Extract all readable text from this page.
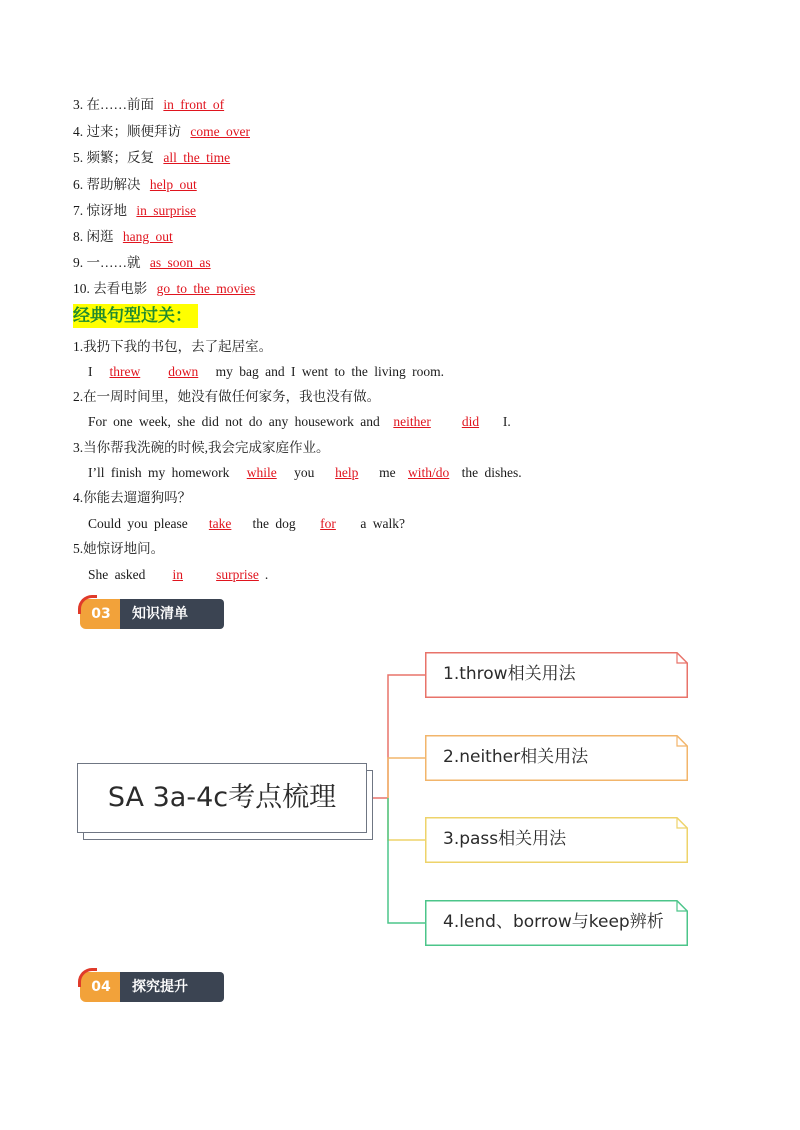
3. 在……前面 in front of
4. 过来；顺便拜访 come over
5. 频繁；反复 all the time
6. 帮助解决 help out
7. 惊讶地 in surprise
8. 闲逛 hang out
9. 一……就 as soon as
10. 去看电影 go to the movies
经典句型过关：
1.我扔下我的书包，去了起居室。
I threw down my bag and I went to the living room.
2.在一周时间里，她没有做任何家务，我也没有做。
For one week, she did not do any housework and neither did I.
3.当你帮我洗碗的时候,我会完成家庭作业。
I’ll finish my homework while you help me with/do the dishes.
4.你能去遛遛狗吗？
Could you please take the dog for a walk?
5.她惊讶地问。
She asked in surprise .
03	知识清单
SA 3a-4c考点梳理
1.throw相关用法
2.neither相关用法
3.pass相关用法
4.lend、borrow与keep辨析
04	探究提升
